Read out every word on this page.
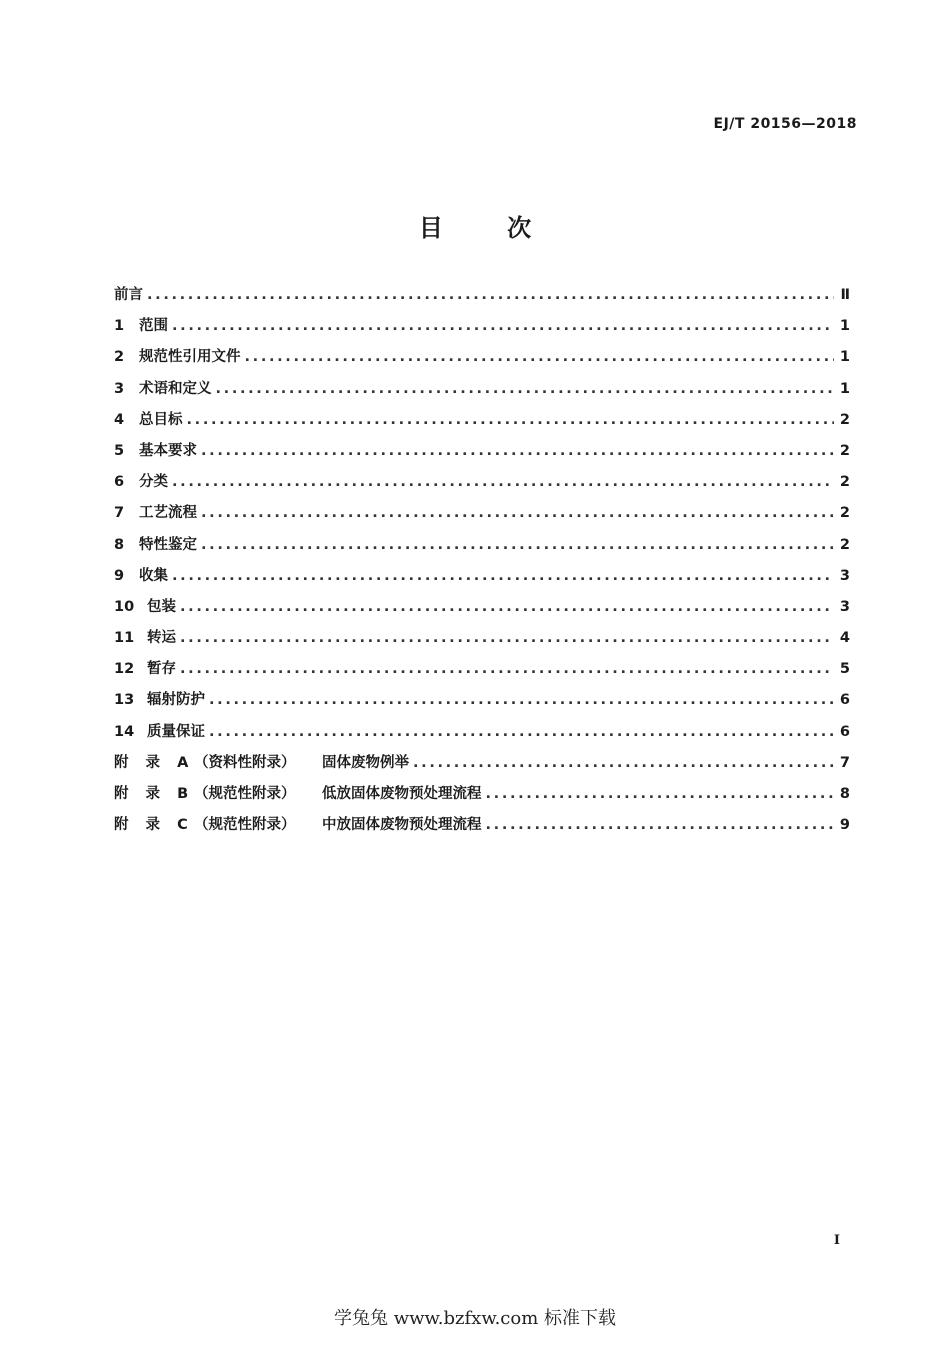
EJ/T 20156—2018
目 次
前言 . . .	Ⅱ
1	范围 . . .	1
2	规范性引用文件 . . .	1
3	术语和定义 . . .	1
4	总目标 . . .	2
5	基本要求 . . .	2
6	分类 . . .	2
7	工艺流程 . . .	2
8	特性鉴定 . . .	2
9	收集 . . .	3
10 包装 . . .	3
11 转运 . . .	4
12 暂存 . . .	5
13 辐射防护 . . .	6
14 质量保证 . . .	6
附 录 A （资料性附录）	固体废物例举 . . .	7
附 录 B （规范性附录）	低放固体废物预处理流程 . . .	8
附 录 C （规范性附录）	中放固体废物预处理流程 . . .	9
I
学兔兔 www.bzfxw.com 标准下载
